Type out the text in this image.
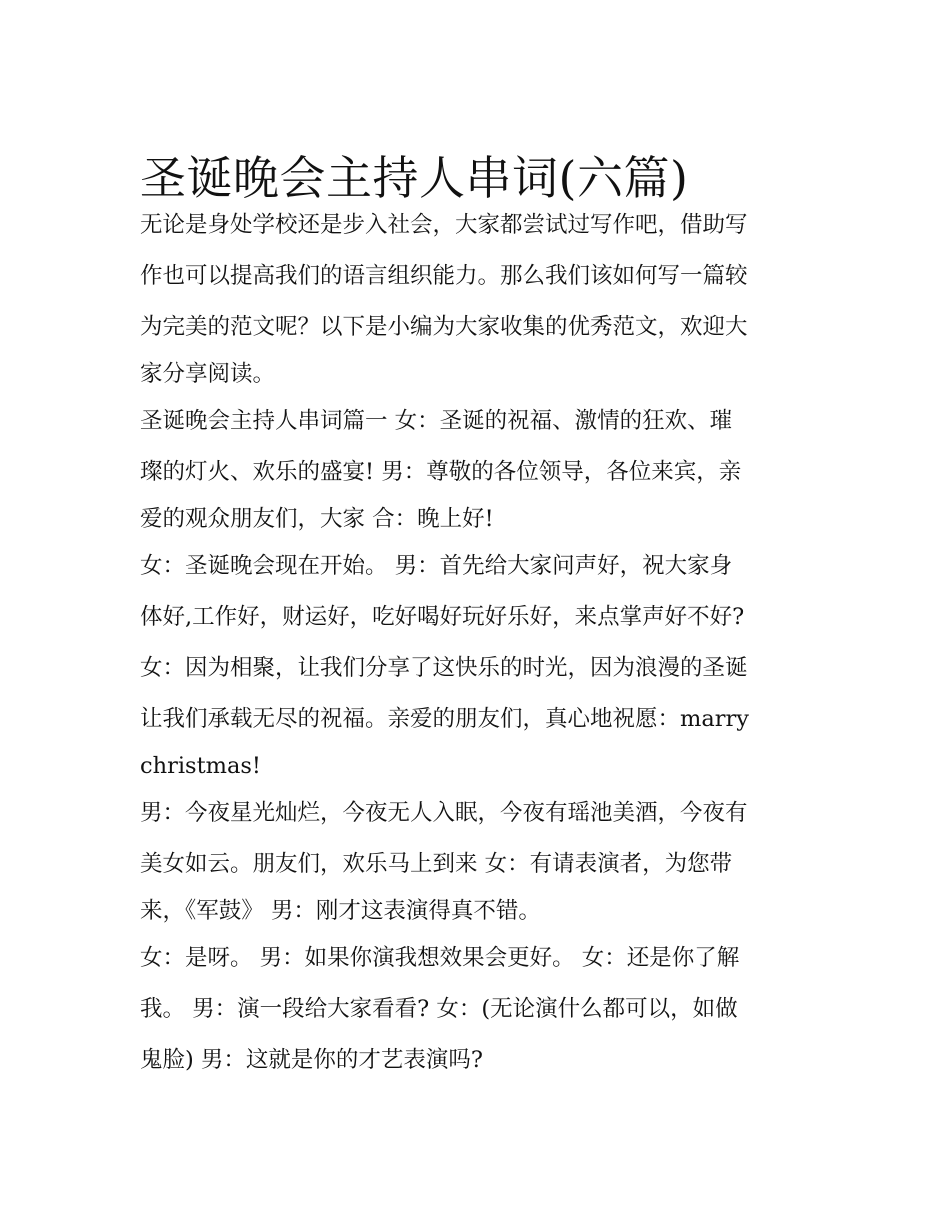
圣诞晚会主持人串词(六篇)

无论是身处学校还是步入社会，大家都尝试过写作吧，借助写
作也可以提高我们的语言组织能力。那么我们该如何写一篇较
为完美的范文呢？以下是小编为大家收集的优秀范文，欢迎大
家分享阅读。

圣诞晚会主持人串词篇一 女：圣诞的祝福、激情的狂欢、璀
璨的灯火、欢乐的盛宴! 男：尊敬的各位领导，各位来宾，亲
爱的观众朋友们，大家 合：晚上好!

女：圣诞晚会现在开始。 男：首先给大家问声好，祝大家身
体好,工作好，财运好，吃好喝好玩好乐好，来点掌声好不好?
女：因为相聚，让我们分享了这快乐的时光，因为浪漫的圣诞
让我们承载无尽的祝福。亲爱的朋友们，真心地祝愿：marry
christmas!

男：今夜星光灿烂，今夜无人入眠，今夜有瑶池美酒，今夜有
美女如云。朋友们，欢乐马上到来 女：有请表演者，为您带
来，《军鼓》 男：刚才这表演得真不错。

女：是呀。 男：如果你演我想效果会更好。 女：还是你了解
我。 男：演一段给大家看看? 女：(无论演什么都可以，如做
鬼脸) 男：这就是你的才艺表演吗?
